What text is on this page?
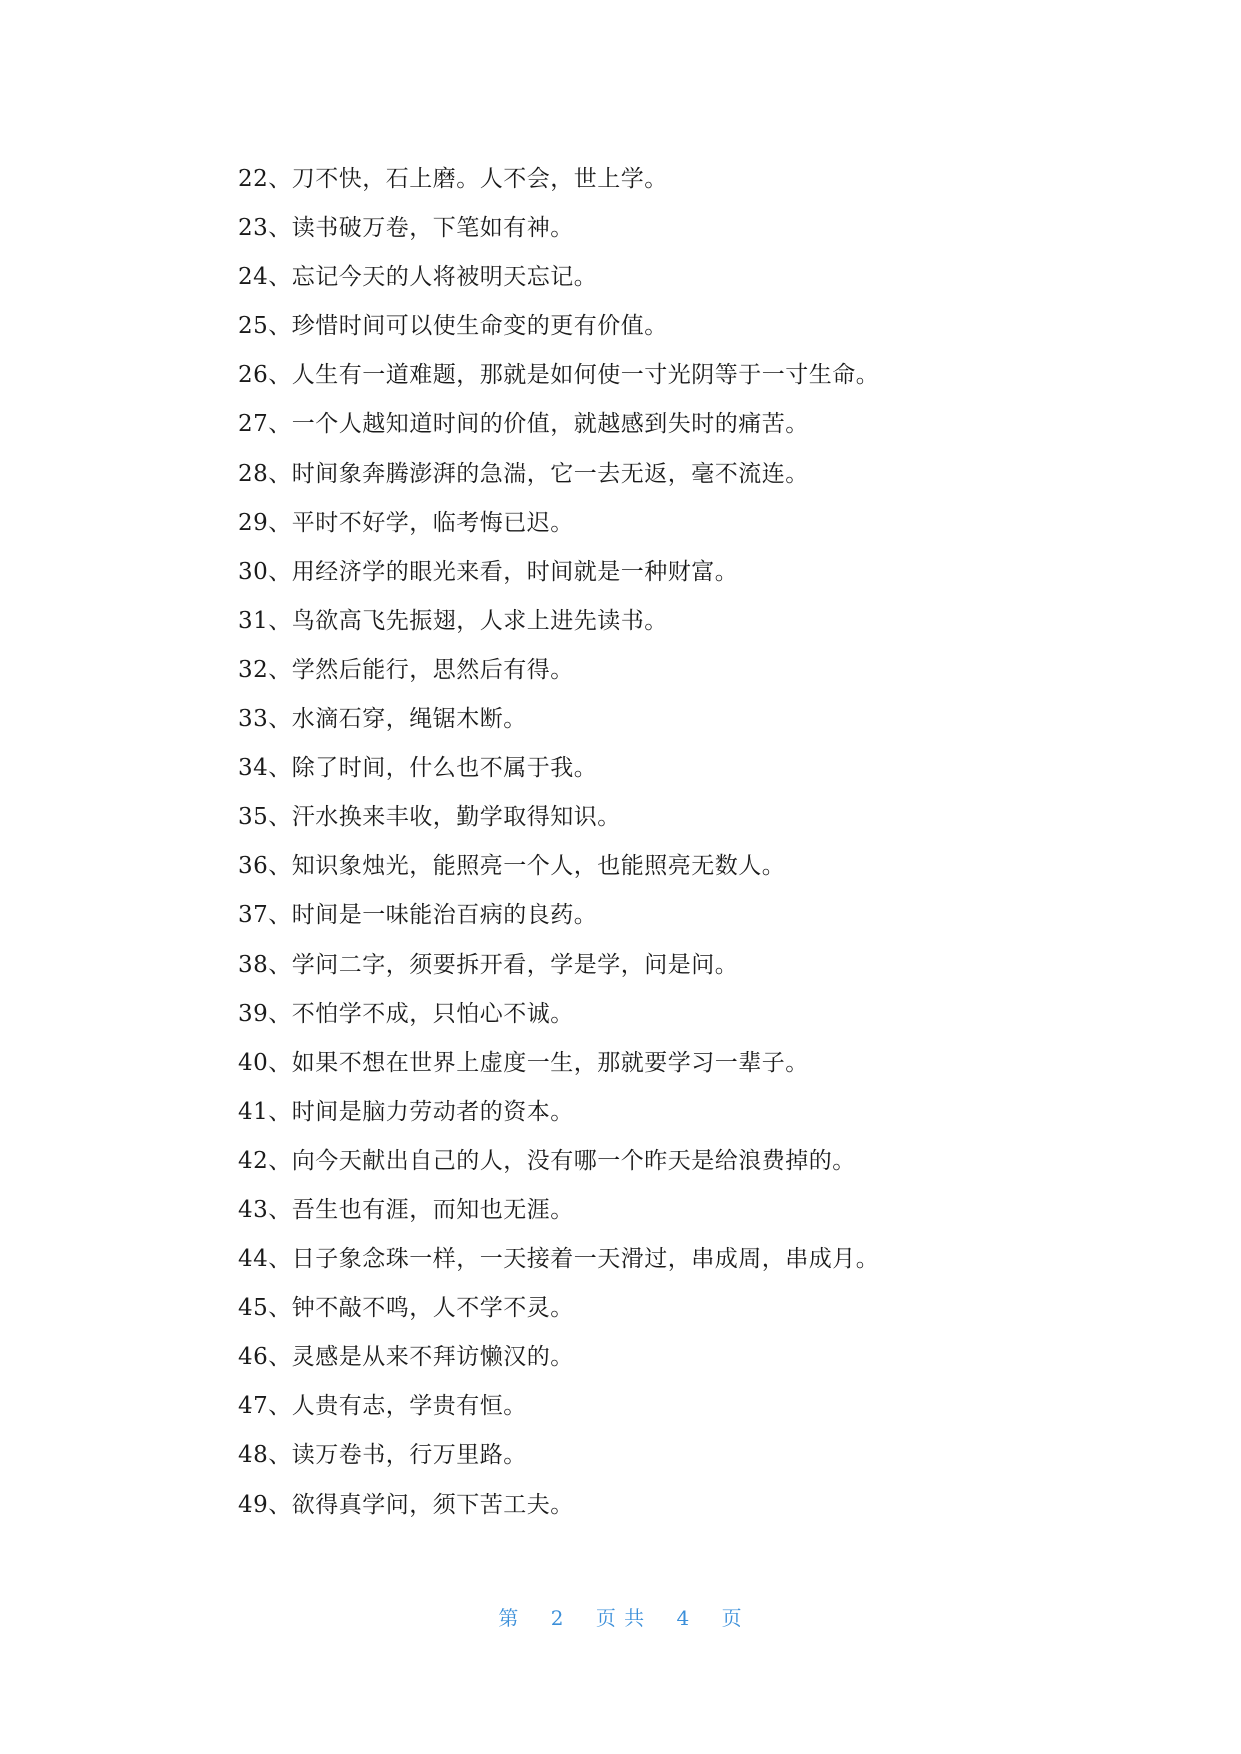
22、刀不快，石上磨。人不会，世上学。
23、读书破万卷，下笔如有神。
24、忘记今天的人将被明天忘记。
25、珍惜时间可以使生命变的更有价值。
26、人生有一道难题，那就是如何使一寸光阴等于一寸生命。
27、一个人越知道时间的价值，就越感到失时的痛苦。
28、时间象奔腾澎湃的急湍，它一去无返，毫不流连。
29、平时不好学，临考悔已迟。
30、用经济学的眼光来看，时间就是一种财富。
31、鸟欲高飞先振翅，人求上进先读书。
32、学然后能行，思然后有得。
33、水滴石穿，绳锯木断。
34、除了时间，什么也不属于我。
35、汗水换来丰收，勤学取得知识。
36、知识象烛光，能照亮一个人，也能照亮无数人。
37、时间是一味能治百病的良药。
38、学问二字，须要拆开看，学是学，问是问。
39、不怕学不成，只怕心不诚。
40、如果不想在世界上虚度一生，那就要学习一辈子。
41、时间是脑力劳动者的资本。
42、向今天献出自己的人，没有哪一个昨天是给浪费掉的。
43、吾生也有涯，而知也无涯。
44、日子象念珠一样，一天接着一天滑过，串成周，串成月。
45、钟不敲不鸣，人不学不灵。
46、灵感是从来不拜访懒汉的。
47、人贵有志，学贵有恒。
48、读万卷书，行万里路。
49、欲得真学问，须下苦工夫。
第 2 页 共 4 页
